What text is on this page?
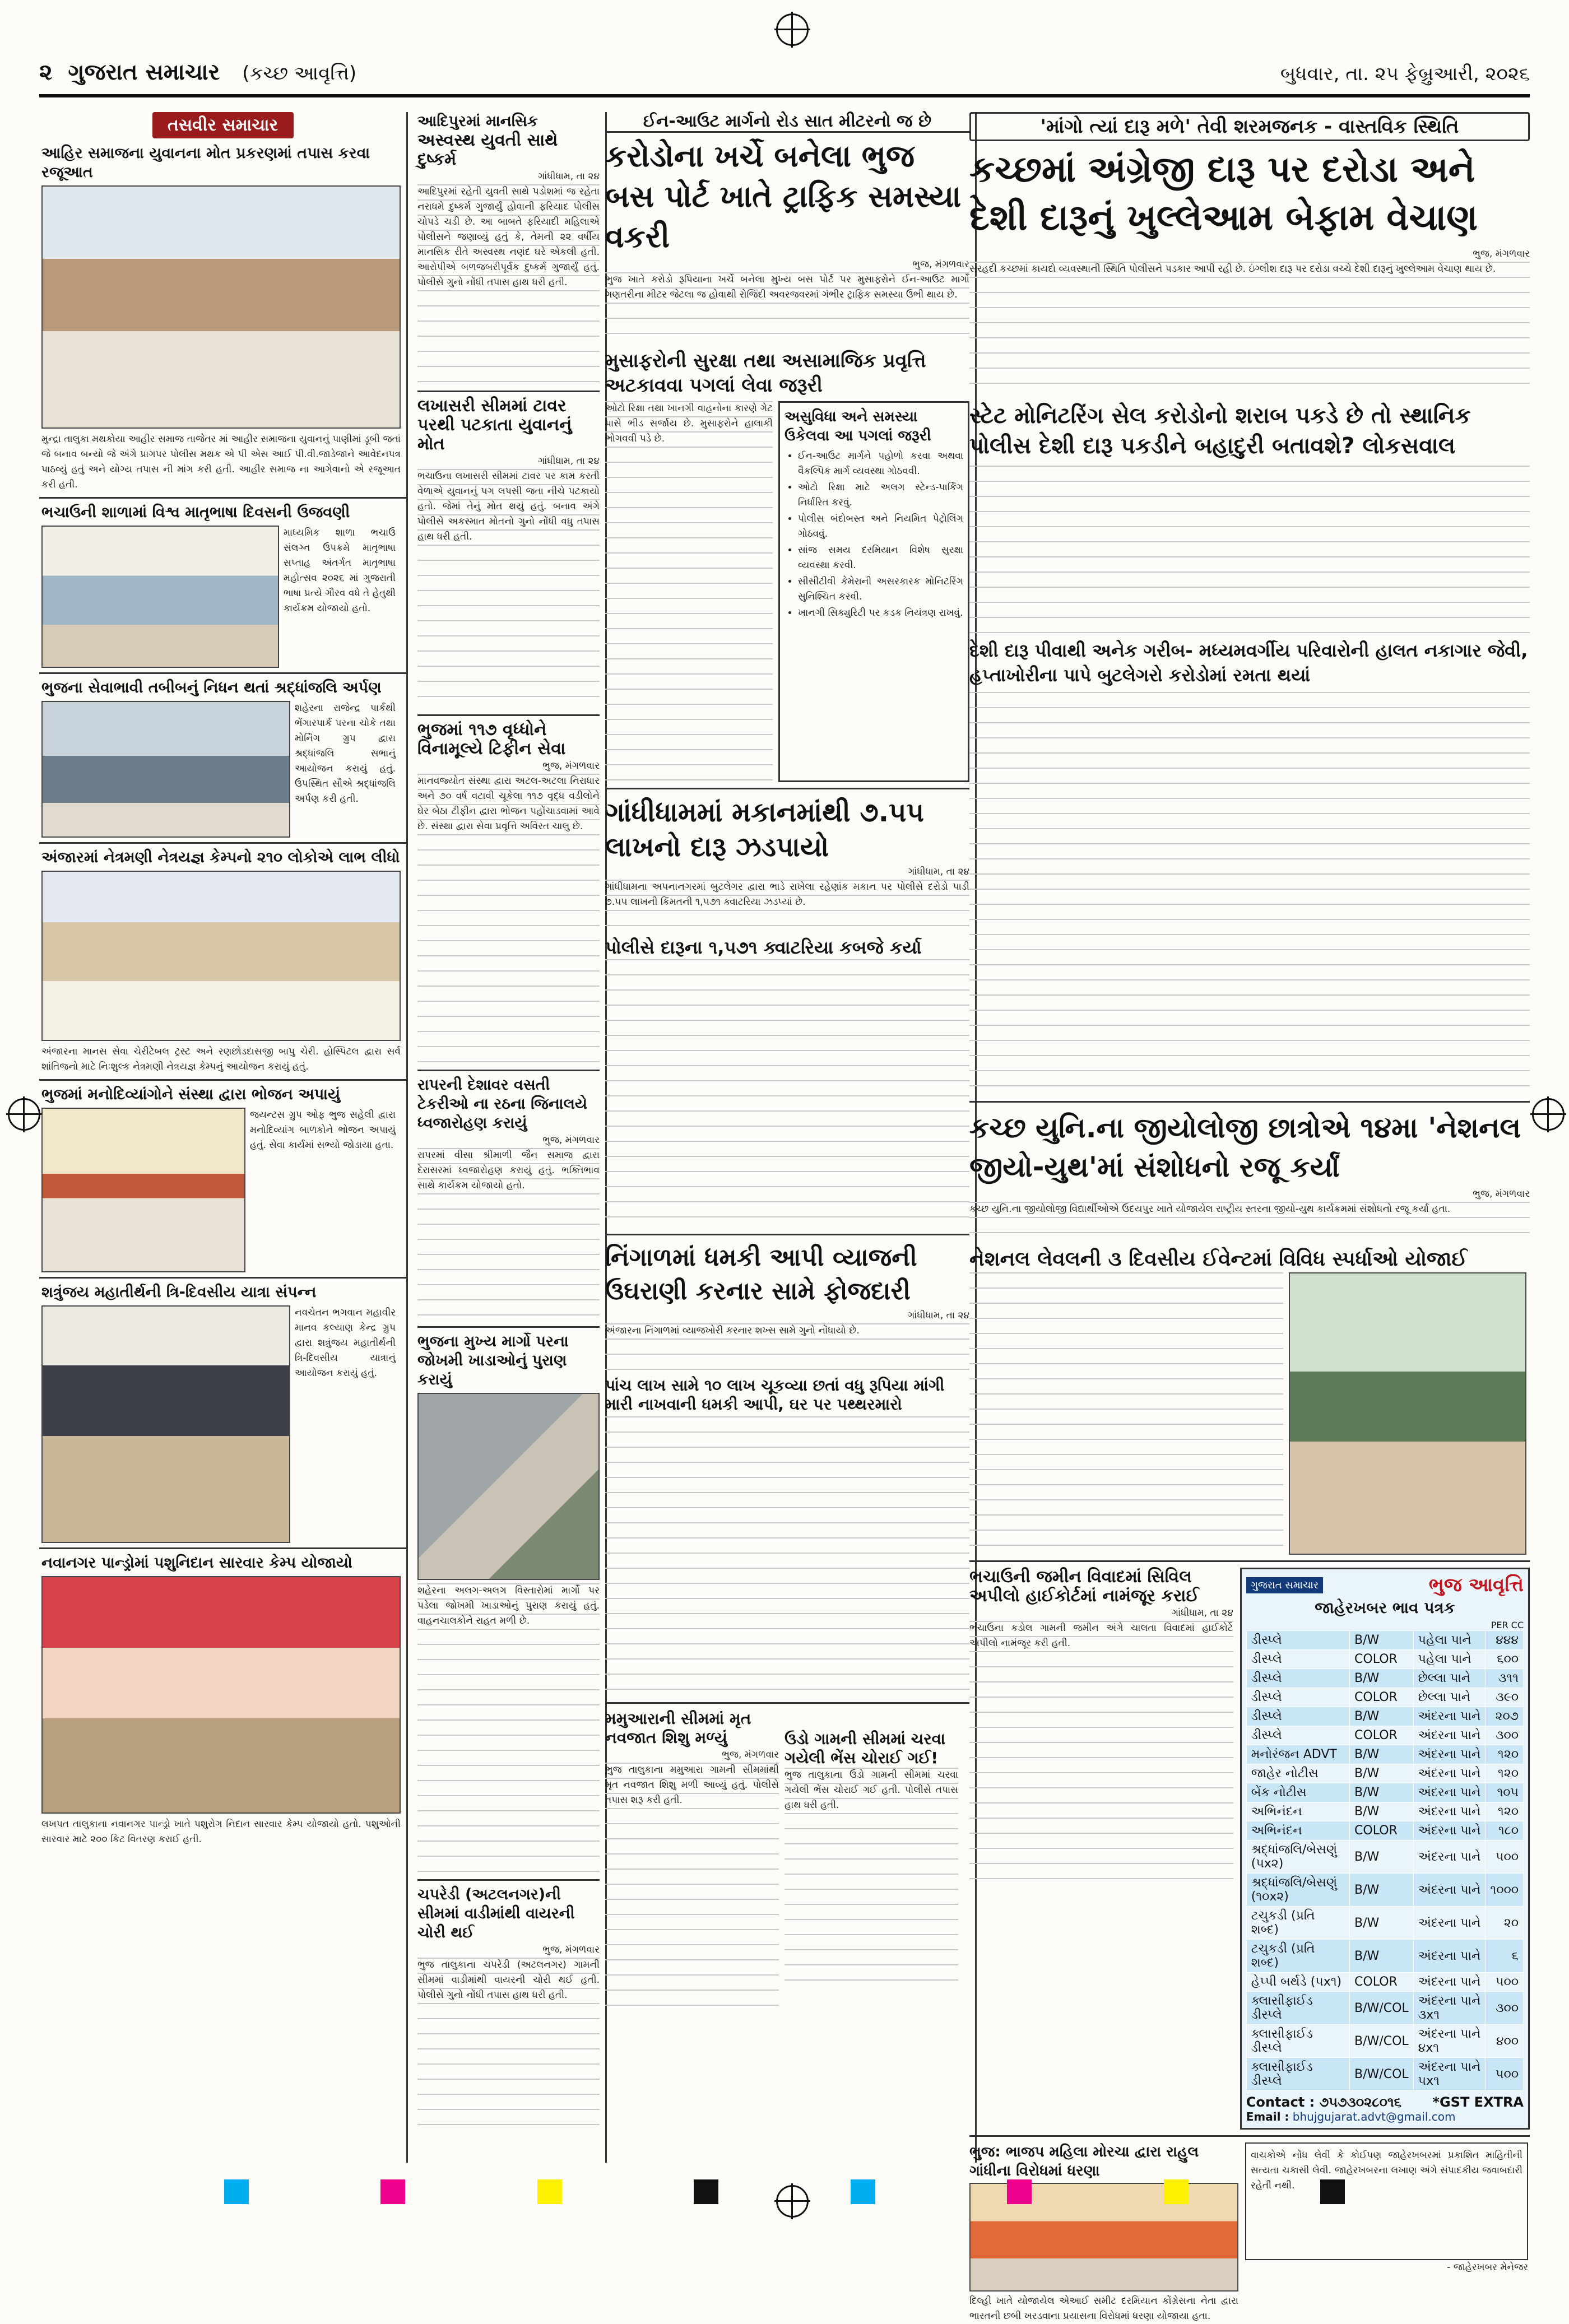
૨ ગુજરાત સમાચાર (કચ્છ આવૃત્તિ)	બુધવાર, તા. ૨૫ ફેબ્રુઆરી, ૨૦૨૬
તસવીર સમાચાર
આહિર સમાજના યુવાનના મોત પ્રકરણમાં તપાસ કરવા રજૂઆત
મુન્દ્રા તાલુકા મથકોયા આહીર સમાજ તાજેતર માં આહીર સમાજના યુવાનનું પાણીમાં ડૂબી જતાં જે બનાવ બન્યો જે અંગે પ્રાગપર પોલીસ મથક એ પી એસ આઈ પી.વી.જાડેજાને આવેદનપત્ર પાઠવ્યું હતું અને યોગ્ય તપાસ ની માંગ કરી હતી. આહીર સમાજ ના આગેવાનો એ રજૂઆત કરી હતી.
ભચાઉની શાળામાં વિશ્વ માતૃભાષા દિવસની ઉજવણી
માધ્યમિક શાળા ભચાઉ સંલગ્ન ઉપક્રમે માતૃભાષા સપ્તાહ અંતર્ગત માતૃભાષા મહોત્સવ ૨૦૨૬ માં ગુજરાતી ભાષા પ્રત્યે ગૌરવ વધે તે હેતુથી કાર્યક્રમ યોજાયો હતો.
ભુજના સેવાભાવી તબીબનું નિધન થતાં શ્રદ્ધાંજલિ અર્પણ
શહેરના રાજેન્દ્ર પાર્કથી ભેંગારપાર્ક પરના ચોકે તથા મોર્નિંગ ગ્રુપ દ્વારા શ્રદ્ધાંજલિ સભાનું આયોજન કરાયું હતું. ઉપસ્થિત સૌએ શ્રદ્ધાંજલિ અર્પણ કરી હતી.
અંજારમાં નેત્રમણી નેત્રયજ્ઞ કેમ્પનો ૨૧૦ લોકોએ લાભ લીધો
અંજારના માનસ સેવા ચેરીટેબલ ટ્રસ્ટ અને રણછોડદાસજી બાપુ ચેરી. હોસ્પિટલ દ્વારા સર્વ શાંતિજનો માટે નિઃશુલ્ક નેત્રમણી નેત્રયજ્ઞ કેમ્પનું આયોજન કરાયું હતું.
ભુજમાં મનોદિવ્યાંગોને સંસ્થા દ્વારા ભોજન અપાયું
જયન્ટસ ગ્રુપ ઓફ ભુજ સહેલી દ્વારા મનોદિવ્યાંગ બાળકોને ભોજન અપાયું હતું. સેવા કાર્યમાં સભ્યો જોડાયા હતા.
શત્રુંજય મહાતીર્થની ત્રિ-દિવસીય યાત્રા સંપન્ન
નવચેતન ભગવાન મહાવીર માનવ કલ્યાણ કેન્દ્ર ગ્રુપ દ્વારા શત્રુંજય મહાતીર્થની ત્રિ-દિવસીય યાત્રાનું આયોજન કરાયું હતું.
નવાનગર પાન્ડ્રોમાં પશુનિદાન સારવાર કેમ્પ યોજાયો
લખપત તાલુકાના નવાનગર પાન્ડ્રો ખાતે પશુરોગ નિદાન સારવાર કેમ્પ યોજાયો હતો. પશુઓની સારવાર માટે ૨૦૦ કિટ વિતરણ કરાઈ હતી.
આદિપુરમાં માનસિક
અસ્વસ્થ યુવતી સાથે દુષ્કર્મ
ગાંધીધામ, તા ૨૪
આદિપુરમાં રહેતી યુવતી સાથે પડોશમાં જ રહેતા નરાધમે દુષ્કર્મ ગુજાર્યું હોવાની ફરિયાદ પોલીસ ચોપડે ચડી છે. આ બાબતે ફરિયાદી મહિલાએ પોલીસને જણાવ્યું હતું કે, તેમની ૨૨ વર્ષીય માનસિક રીતે અસ્વસ્થ નણંદ ઘરે એકલી હતી. આરોપીએ બળજબરીપૂર્વક દુષ્કર્મ ગુજાર્યું હતું. પોલીસે ગુનો નોંધી તપાસ હાથ ધરી હતી.
લખાસરી સીમમાં ટાવર પરથી પટકાતા યુવાનનું મોત
ગાંધીધામ, તા ૨૪
ભચાઉના લખાસરી સીમમાં ટાવર પર કામ કરતી વેળાએ યુવાનનું પગ લપસી જતા નીચે પટકાયો હતો. જેમાં તેનું મોત થયું હતું. બનાવ અંગે પોલીસે અકસ્માત મોતનો ગુનો નોંધી વધુ તપાસ હાથ ધરી હતી.
ભુજમાં ૧૧૭ વૃધ્ધોને વિનામૂલ્યે ટિફીન સેવા
ભુજ, મંગળવાર
માનવજ્યોત સંસ્થા દ્વારા અટલ-અટલા નિરાધાર અને ૭૦ વર્ષ વટાવી ચૂકેલા ૧૧૭ વૃદ્ધ વડીલોને ઘેર બેઠા ટીફીન દ્વારા ભોજન પહોંચાડવામાં આવે છે. સંસ્થા દ્વારા સેવા પ્રવૃત્તિ અવિરત ચાલુ છે.
રાપરની દેશાવર વસતી ટેકરીઓ ના રઠના જિનાલયે ધ્વજારોહણ કરાયું
ભુજ, મંગળવાર
રાપરમાં વીસા શ્રીમાળી જૈન સમાજ દ્વારા દેરાસરમાં ધ્વજારોહણ કરાયું હતું. ભક્તિભાવ સાથે કાર્યક્રમ યોજાયો હતો.
ભુજના મુખ્ય માર્ગો પરના જોખમી ખાડાઓનું પુરાણ કરાયું
શહેરના અલગ-અલગ વિસ્તારોમાં માર્ગો પર પડેલા જોખમી ખાડાઓનું પુરાણ કરાયું હતું. વાહનચાલકોને રાહત મળી છે.
ચપરેડી (અટલનગર)ની સીમમાં વાડીમાંથી વાયરની ચોરી થઈ
ભુજ, મંગળવાર
ભુજ તાલુકાના ચપરેડી (અટલનગર) ગામની સીમમાં વાડીમાંથી વાયરની ચોરી થઈ હતી. પોલીસે ગુનો નોંધી તપાસ હાથ ધરી હતી.
ઈન-આઉટ માર્ગનો રોડ સાત મીટરનો જ છે
કરોડોના ખર્ચે બનેલા ભુજ બસ પોર્ટ ખાતે ટ્રાફિક સમસ્યા વકરી
ભુજ, મંગળવાર
ભુજ ખાતે કરોડો રૂપિયાના ખર્ચે બનેલા મુખ્ય બસ પોર્ટ પર મુસાફરોને ઈન-આઉટ માર્ગો ગણતરીના મીટર જેટલા જ હોવાથી રોજિંદી અવરજવરમાં ગંભીર ટ્રાફિક સમસ્યા ઉભી થાય છે.
મુસાફરોની સુરક્ષા તથા અસામાજિક પ્રવૃત્તિ અટકાવવા પગલાં લેવા જરૂરી
ઓટો રિક્ષા તથા ખાનગી વાહનોના કારણે ગેટ પાસે ભીડ સર્જાય છે. મુસાફરોને હાલાકી ભોગવવી પડે છે.
અસુવિધા અને સમસ્યા ઉકેલવા આ પગલાં જરૂરી
• ઈન-આઉટ માર્ગને પહોળો કરવા અથવા વૈકલ્પિક માર્ગ વ્યવસ્થા ગોઠવવી.
• ઓટો રિક્ષા માટે અલગ સ્ટેન્ડ-પાર્કિંગ નિર્ધારિત કરવું.
• પોલીસ બંદોબસ્ત અને નિયમિત પેટ્રોલિંગ ગોઠવવું.
• સાંજ સમય દરમિયાન વિશેષ સુરક્ષા વ્યવસ્થા કરવી.
• સીસીટીવી કેમેરાની અસરકારક મોનિટરિંગ સુનિશ્ચિત કરવી.
• ખાનગી સિક્યુરિટી પર કડક નિયંત્રણ રાખવું.
ગાંધીધામમાં મકાનમાંથી ૭.૫૫ લાખનો દારૂ ઝડપાયો
ગાંધીધામ, તા ૨૪
ગાંધીધામના અપનાનગરમાં બુટલેગર દ્વારા ભાડે રાખેલા રહેણાંક મકાન પર પોલીસે દરોડો પાડી ૭.૫૫ લાખની કિંમતની ૧,૫૭૧ ક્વાટરિયા ઝડપ્યાં છે.
પોલીસે દારૂના ૧,૫૭૧ ક્વાટરિયા કબજે કર્યા
નિંગાળમાં ધમકી આપી વ્યાજની ઉઘરાણી કરનાર સામે ફોજદારી
ગાંધીધામ, તા ૨૪
અંજારના નિંગાળમાં વ્યાજખોરી કરનાર શખ્સ સામે ગુનો નોંધાયો છે.
પાંચ લાખ સામે ૧૦ લાખ ચૂકવ્યા છતાં વધુ રૂપિયા માંગી મારી નાખવાની ધમકી આપી, ઘર પર પથ્થરમારો
મમુઆરાની સીમમાં મૃત નવજાત શિશુ મળ્યું
ભુજ, મંગળવાર
ભુજ તાલુકાના મમુઆરા ગામની સીમમાંથી મૃત નવજાત શિશુ મળી આવ્યું હતું. પોલીસે તપાસ શરૂ કરી હતી.
ઉડો ગામની સીમમાં ચરવા ગયેલી ભેંસ ચોરાઈ ગઈ!
ભુજ તાલુકાના ઉડો ગામની સીમમાં ચરવા ગયેલી ભેંસ ચોરાઈ ગઈ હતી. પોલીસે તપાસ હાથ ધરી હતી.
'માંગો ત્યાં દારૂ મળે' તેવી શરમજનક - વાસ્તવિક સ્થિતિ
કચ્છમાં અંગ્રેજી દારૂ પર દરોડા અને દેશી દારૂનું ખુલ્લેઆમ બેફામ વેચાણ
ભુજ, મંગળવાર
સરહદી કચ્છમાં કાયદો વ્યવસ્થાની સ્થિતિ પોલીસને પડકાર આપી રહી છે. ઇંગ્લીશ દારૂ પર દરોડા વચ્ચે દેશી દારૂનું ખુલ્લેઆમ વેચાણ થાય છે.
સ્ટેટ મોનિટરિંગ સેલ કરોડોનો શરાબ પકડે છે તો સ્થાનિક પોલીસ દેશી દારૂ પકડીને બહાદુરી બતાવશે? લોકસવાલ
દેશી દારૂ પીવાથી અનેક ગરીબ- મધ્યમવર્ગીય પરિવારોની હાલત નકાગાર જેવી, હપ્તાખોરીના પાપે બુટલેગરો કરોડોમાં રમતા થયાં
કચ્છ યુનિ.ના જીયોલોજી છાત્રોએ ૧૪મા 'નેશનલ જીયો-યુથ'માં સંશોધનો રજૂ કર્યાં
ભુજ, મંગળવાર
કચ્છ યુનિ.ના જીયોલોજી વિદ્યાર્થીઓએ ઉદયપુર ખાતે યોજાયેલ રાષ્ટ્રીય સ્તરના જીયો-યુથ કાર્યક્રમમાં સંશોધનો રજૂ કર્યા હતા.
નેશનલ લેવલની ૩ દિવસીય ઈવેન્ટમાં વિવિધ સ્પર્ધાઓ યોજાઈ
ભચાઉની જમીન વિવાદમાં સિવિલ અપીલો હાઈકોર્ટમાં નામંજૂર કરાઈ
ગાંધીધામ, તા ૨૪
ભચાઉના કડોલ ગામની જમીન અંગે ચાલતા વિવાદમાં હાઈકોર્ટે અપીલો નામંજૂર કરી હતી.
ગુજરાત સમાચાર	ભુજ આવૃત્તિ
જાહેરખબર ભાવ પત્રક
PER CC
ડીસ્પ્લે	B/W	પહેલા પાને	૪૪૪
ડીસ્પ્લે	COLOR	પહેલા પાને	૬૦૦
ડીસ્પ્લે	B/W	છેલ્લા પાને	૩૧૧
ડીસ્પ્લે	COLOR	છેલ્લા પાને	૩૯૦
ડીસ્પ્લે	B/W	અંદરના પાને	૨૦૭
ડીસ્પ્લે	COLOR	અંદરના પાને	૩૦૦
મનોરંજન ADVT	B/W	અંદરના પાને	૧૨૦
જાહેર નોટીસ	B/W	અંદરના પાને	૧૨૦
બેંક નોટીસ	B/W	અંદરના પાને	૧૦૫
અભિનંદન	B/W	અંદરના પાને	૧૨૦
અભિનંદન	COLOR	અંદરના પાને	૧૮૦
શ્રદ્ધાંજલિ/બેસણું (૫x૨)	B/W	અંદરના પાને	૫૦૦
શ્રદ્ધાંજલિ/બેસણું (૧૦x૨)	B/W	અંદરના પાને	૧૦૦૦
ટચુકડી (પ્રતિ શબ્દ)	B/W	અંદરના પાને	૨૦
ટચુકડી (પ્રતિ શબ્દ)	B/W	અંદરના પાને	૬
હેપ્પી બર્થડે (૫x૧)	COLOR	અંદરના પાને	૫૦૦
ક્લાસીફાઈડ ડીસ્પ્લે	B/W/COL	અંદરના પાને ૩x૧	૩૦૦
ક્લાસીફાઈડ ડીસ્પ્લે	B/W/COL	અંદરના પાને ૪x૧	૪૦૦
ક્લાસીફાઈડ ડીસ્પ્લે	B/W/COL	અંદરના પાને ૫x૧	૫૦૦
Contact : ૭૫૭૩૦૨૮૦૧૬ *GST EXTRA
Email : bhujgujarat.advt@gmail.com
ભુજ: ભાજપ મહિલા મોરચા દ્વારા રાહુલ ગાંધીના વિરોધમાં ધરણા
દિલ્હી ખાતે યોજાયેલ એઆઈ સમીટ દરમિયાન કોંગ્રેસના નેતા દ્વારા ભારતની છબી ખરડવાના પ્રયાસના વિરોધમાં ધરણા યોજાયા હતા.
વાચકોએ નોંધ લેવી કે કોઈપણ જાહેરખબરમાં પ્રકાશિત માહિતીની સત્યતા ચકાસી લેવી. જાહેરખબરના લખાણ અંગે સંપાદકીય જવાબદારી રહેતી નથી.
- જાહેરખબર મેનેજર
